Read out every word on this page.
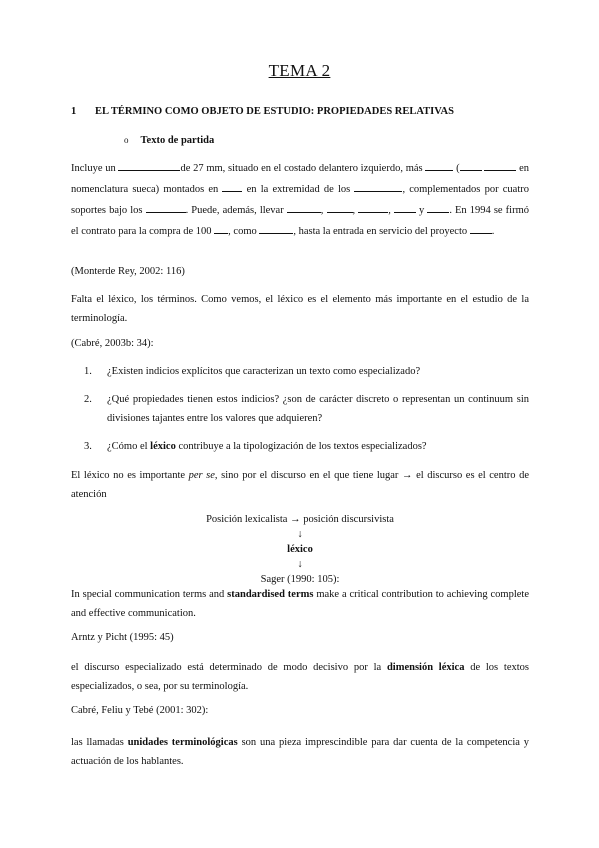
TEMA 2
1	EL TÉRMINO COMO OBJETO DE ESTUDIO: PROPIEDADES RELATIVAS
o Texto de partida

Incluye un	de 27 mm, situado en el costado delantero izquierdo, más	(	en nomenclatura sueca) montados en  en la extremidad de los	, complementados por cuatro soportes bajo los	. Puede, además, llevar	, ,	,  y . En 1994 se firmó el contrato para la compra de 100 , como	, hasta la entrada en servicio del proyecto .

(Monterde Rey, 2002: 116)

Falta el léxico, los términos. Como vemos, el léxico es el elemento más importante en el estudio de la terminología.

(Cabré, 2003b: 34):

1.	¿Existen indicios explícitos que caracterizan un texto como especializado?
2.	¿Qué propiedades tienen estos indicios? ¿son de carácter discreto o representan un continuum sin divisiones tajantes entre los valores que adquieren?
3.	¿Cómo el léxico contribuye a la tipologización de los textos especializados?

El léxico no es importante per se, sino por el discurso en el que tiene lugar → el discurso es el centro de atención

Posición lexicalista → posición discursivista
↓
léxico
↓
Sager (1990: 105):

In special communication terms and standardised terms make a critical contribution to achieving complete and effective communication.

Arntz y Picht (1995: 45)

el discurso especializado está determinado de modo decisivo por la dimensión léxica de los textos especializados, o sea, por su terminología.

Cabré, Feliu y Tebé (2001: 302):

las llamadas unidades terminológicas son una pieza imprescindible para dar cuenta de la competencia y actuación de los hablantes.
